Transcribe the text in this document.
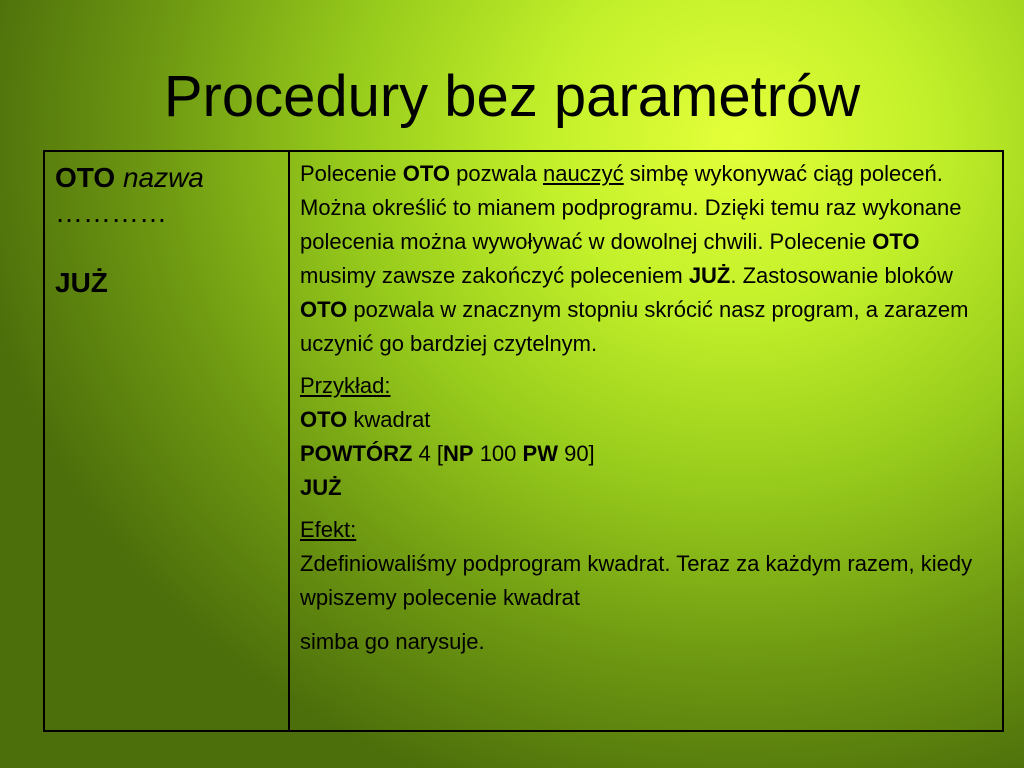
Procedury bez parametrów
OTO nazwa
…………
JUŻ

Polecenie OTO pozwala nauczyć simbę wykonywać ciąg poleceń. Można określić to mianem podprogramu. Dzięki temu raz wykonane polecenia można wywoływać w dowolnej chwili. Polecenie OTO musimy zawsze zakończyć poleceniem JUŻ. Zastosowanie bloków OTO pozwala w znacznym stopniu skrócić nasz program, a zarazem uczynić go bardziej czytelnym.

Przykład:

OTO kwadrat

POWTÓRZ 4 [NP 100 PW 90]

JUŻ

Efekt:

Zdefiniowaliśmy podprogram kwadrat. Teraz za każdym razem, kiedy wpiszemy polecenie kwadrat

simba go narysuje.
